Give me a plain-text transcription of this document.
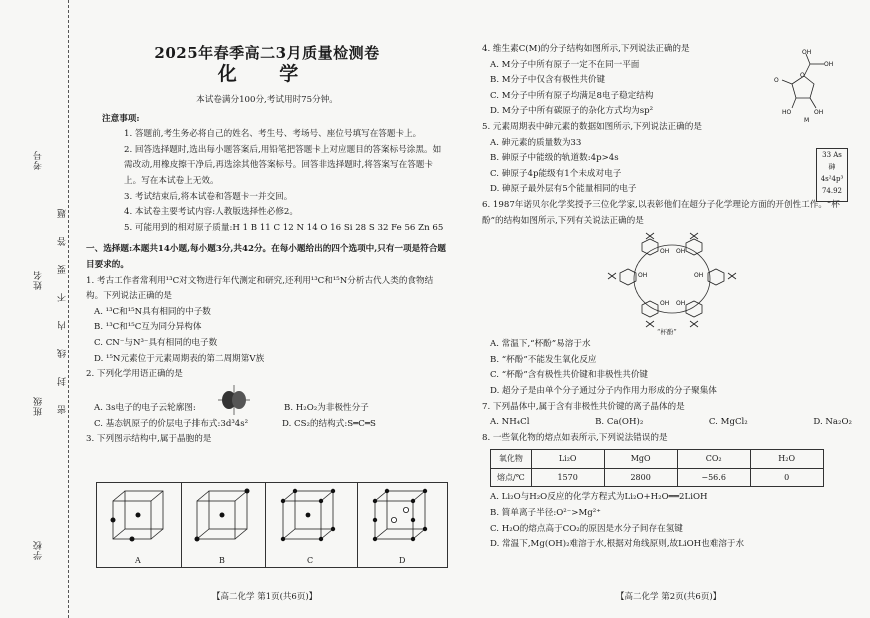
考号
姓名
班级
学校
题
答
要
不
内
线
封
密
2025年春季高二3月质量检测卷
化 学
本试卷满分100分,考试用时75分钟。
注意事项:
1. 答题前,考生务必将自己的姓名、考生号、考场号、座位号填写在答题卡上。
2. 回答选择题时,选出每小题答案后,用铅笔把答题卡上对应题目的答案标号涂黑。如需改动,用橡皮擦干净后,再选涂其他答案标号。回答非选择题时,将答案写在答题卡上。写在本试卷上无效。
3. 考试结束后,将本试卷和答题卡一并交回。
4. 本试卷主要考试内容:人教版选择性必修2。
5. 可能用到的相对原子质量:H 1 B 11 C 12 N 14 O 16 Si 28 S 32 Fe 56 Zn 65
一、选择题:本题共14小题,每小题3分,共42分。在每小题给出的四个选项中,只有一项是符合题目要求的。
1. 考古工作者常利用¹³C对文物进行年代测定和研究,还利用¹³C和¹⁵N分析古代人类的食物结构。下列说法正确的是
A. ¹³C和¹⁵N具有相同的中子数
B. ¹³C和¹⁵C互为同分异构体
C. CN⁻与N³⁻具有相同的电子数
D. ¹⁵N元素位于元素周期表的第二周期第Ⅴ族
2. 下列化学用语正确的是
A. 3s电子的电子云轮廓图:	B. H₂O₂为非极性分子
C. 基态钒原子的价层电子排布式:3d³4s²	D. CS₂的结构式:S═C═S
3. 下列图示结构中,属于晶胞的是
A	B	C	D
4. 维生素C(M)的分子结构如图所示,下列说法正确的是
A. M分子中所有原子一定不在同一平面
B. M分子中仅含有极性共价键
C. M分子中所有原子均满足8电子稳定结构
D. M分子中所有碳原子的杂化方式均为sp²
5. 元素周期表中砷元素的数据如图所示,下列说法正确的是
A. 砷元素的质量数为33
B. 砷原子中能级的轨道数:4p>4s
C. 砷原子4p能级有1个未成对电子
D. 砷原子最外层有5个能量相同的电子
6. 1987年诺贝尔化学奖授予三位化学家,以表彰他们在超分子化学理论方面的开创性工作。“杯酚”的结构如图所示,下列有关说法正确的是
OH OH
OH	OH
OH OH
“杯酚”
A. 常温下,“杯酚”易溶于水
B. “杯酚”不能发生氧化反应
C. “杯酚”含有极性共价键和非极性共价键
D. 超分子是由单个分子通过分子内作用力形成的分子聚集体
7. 下列晶体中,属于含有非极性共价键的离子晶体的是
A. NH₄Cl	B. Ca(OH)₂	C. MgCl₂	D. Na₂O₂
8. 一些氧化物的熔点如表所示,下列说法错误的是
氧化物	Li₂O	MgO	CO₂	H₂O
熔点/℃	1570	2800	−56.6	0
A. Li₂O与H₂O反应的化学方程式为Li₂O+H₂O══2LiOH
B. 简单离子半径:O²⁻>Mg²⁺
C. H₂O的熔点高于CO₂的原因是水分子间存在氢键
D. 常温下,Mg(OH)₂难溶于水,根据对角线原则,故LiOH也难溶于水
OH
OH
HO	OH
O
O
M
33 As
砷
4s²4p³
74.92
【高二化学 第1页(共6页)】	【高二化学 第2页(共6页)】
